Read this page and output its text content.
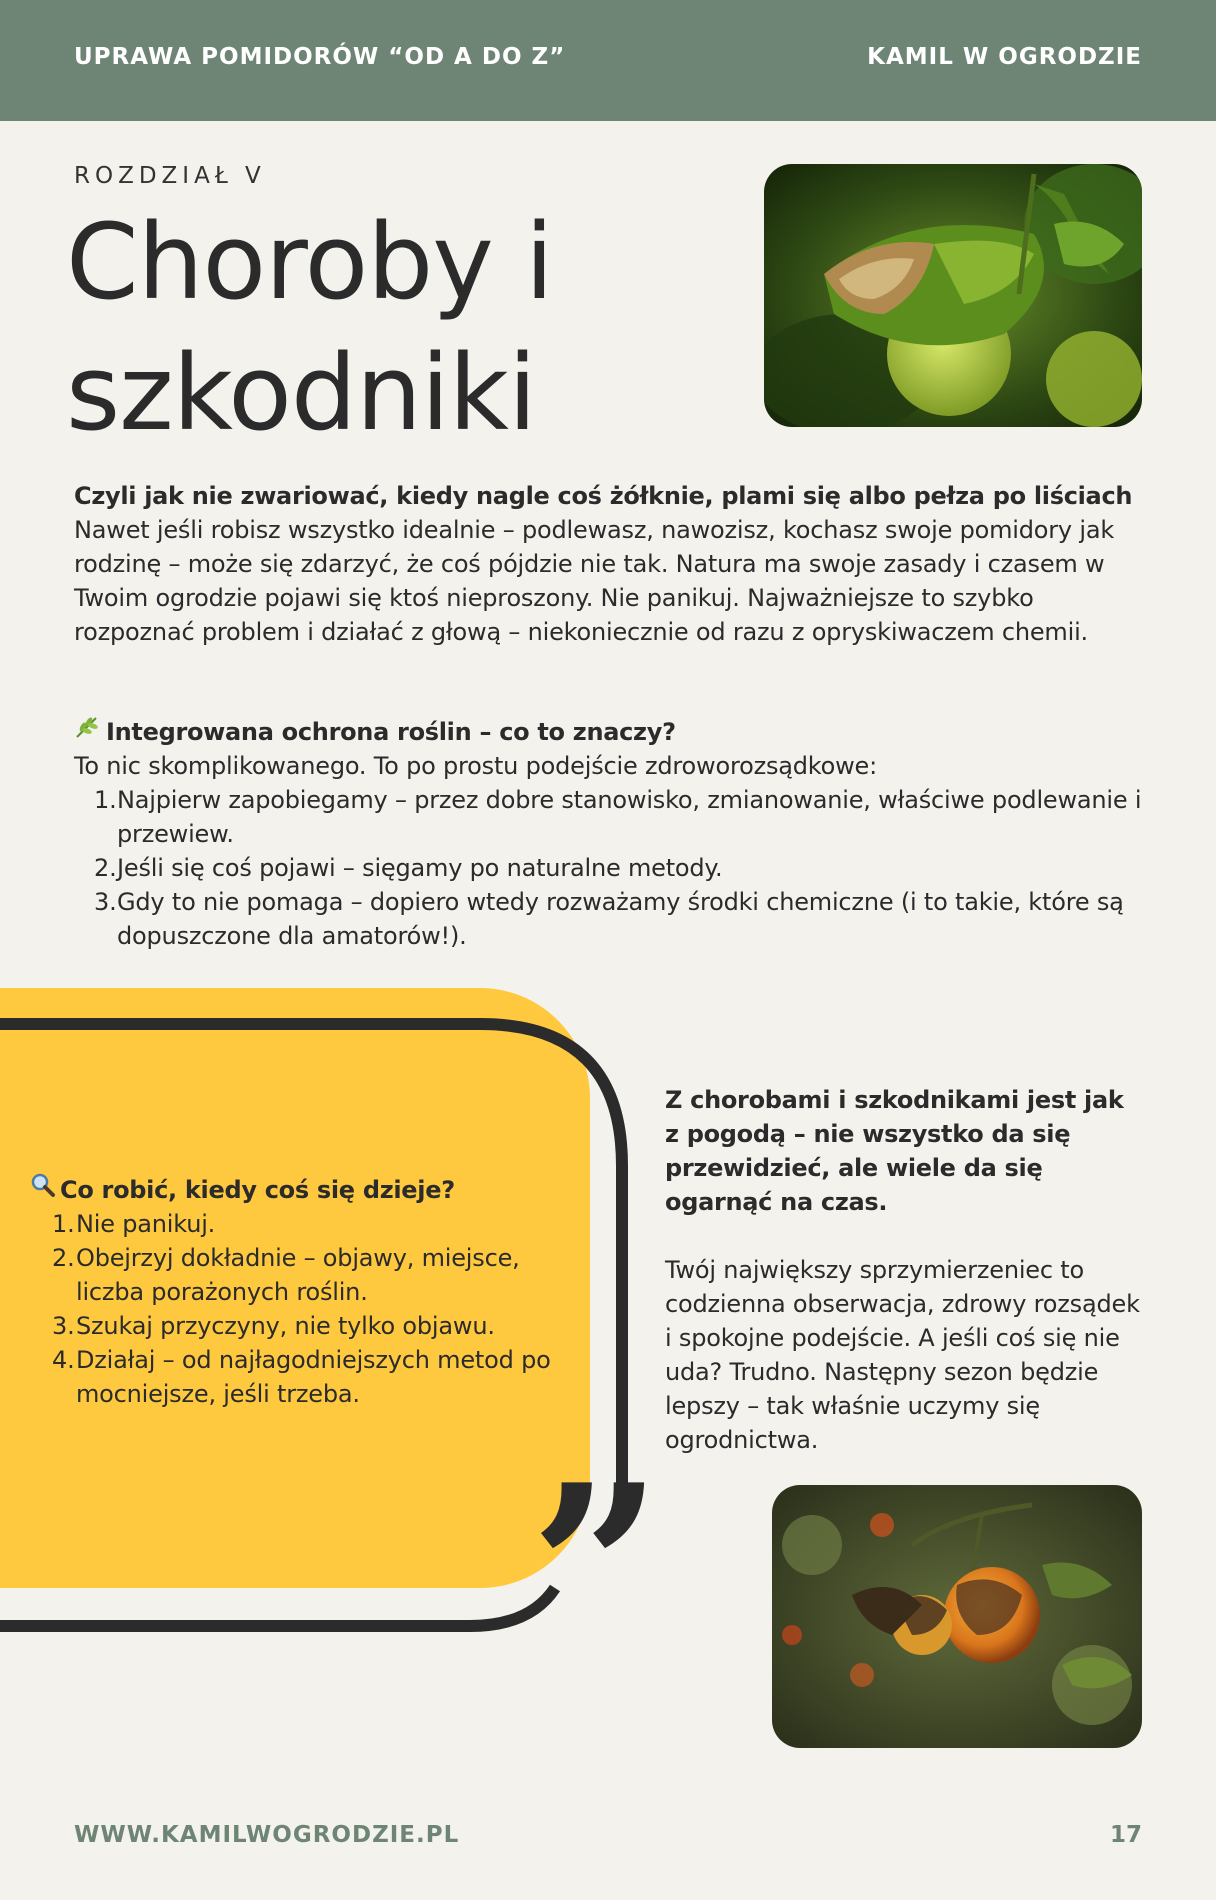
UPRAWA POMIDORÓW “OD A DO Z”	KAMIL W OGRODZIE
ROZDZIAŁ V
Choroby i szkodniki
Czyli jak nie zwariować, kiedy nagle coś żółknie, plami się albo pełza po liściach

Nawet jeśli robisz wszystko idealnie – podlewasz, nawozisz, kochasz swoje pomidory jak rodzinę – może się zdarzyć, że coś pójdzie nie tak. Natura ma swoje zasady i czasem w Twoim ogrodzie pojawi się ktoś nieproszony. Nie panikuj. Najważniejsze to szybko rozpoznać problem i działać z głową – niekoniecznie od razu z opryskiwaczem chemii.

Integrowana ochrona roślin – co to znaczy?
To nic skomplikowanego. To po prostu podejście zdroworozsądkowe:
1. Najpierw zapobiegamy – przez dobre stanowisko, zmianowanie, właściwe podlewanie i przewiew.
2. Jeśli się coś pojawi – sięgamy po naturalne metody.
3. Gdy to nie pomaga – dopiero wtedy rozważamy środki chemiczne (i to takie, które są dopuszczone dla amatorów!).
”
Co robić, kiedy coś się dzieje?
1. Nie panikuj.
2. Obejrzyj dokładnie – objawy, miejsce, liczba porażonych roślin.
3. Szukaj przyczyny, nie tylko objawu.
4. Działaj – od najłagodniejszych metod po mocniejsze, jeśli trzeba.

Z chorobami i szkodnikami jest jak z pogodą – nie wszystko da się przewidzieć, ale wiele da się ogarnąć na czas.

Twój największy sprzymierzeniec to codzienna obserwacja, zdrowy rozsądek i spokojne podejście. A jeśli coś się nie uda? Trudno. Następny sezon będzie lepszy – tak właśnie uczymy się ogrodnictwa.

WWW.KAMILWOGRODZIE.PL	17
